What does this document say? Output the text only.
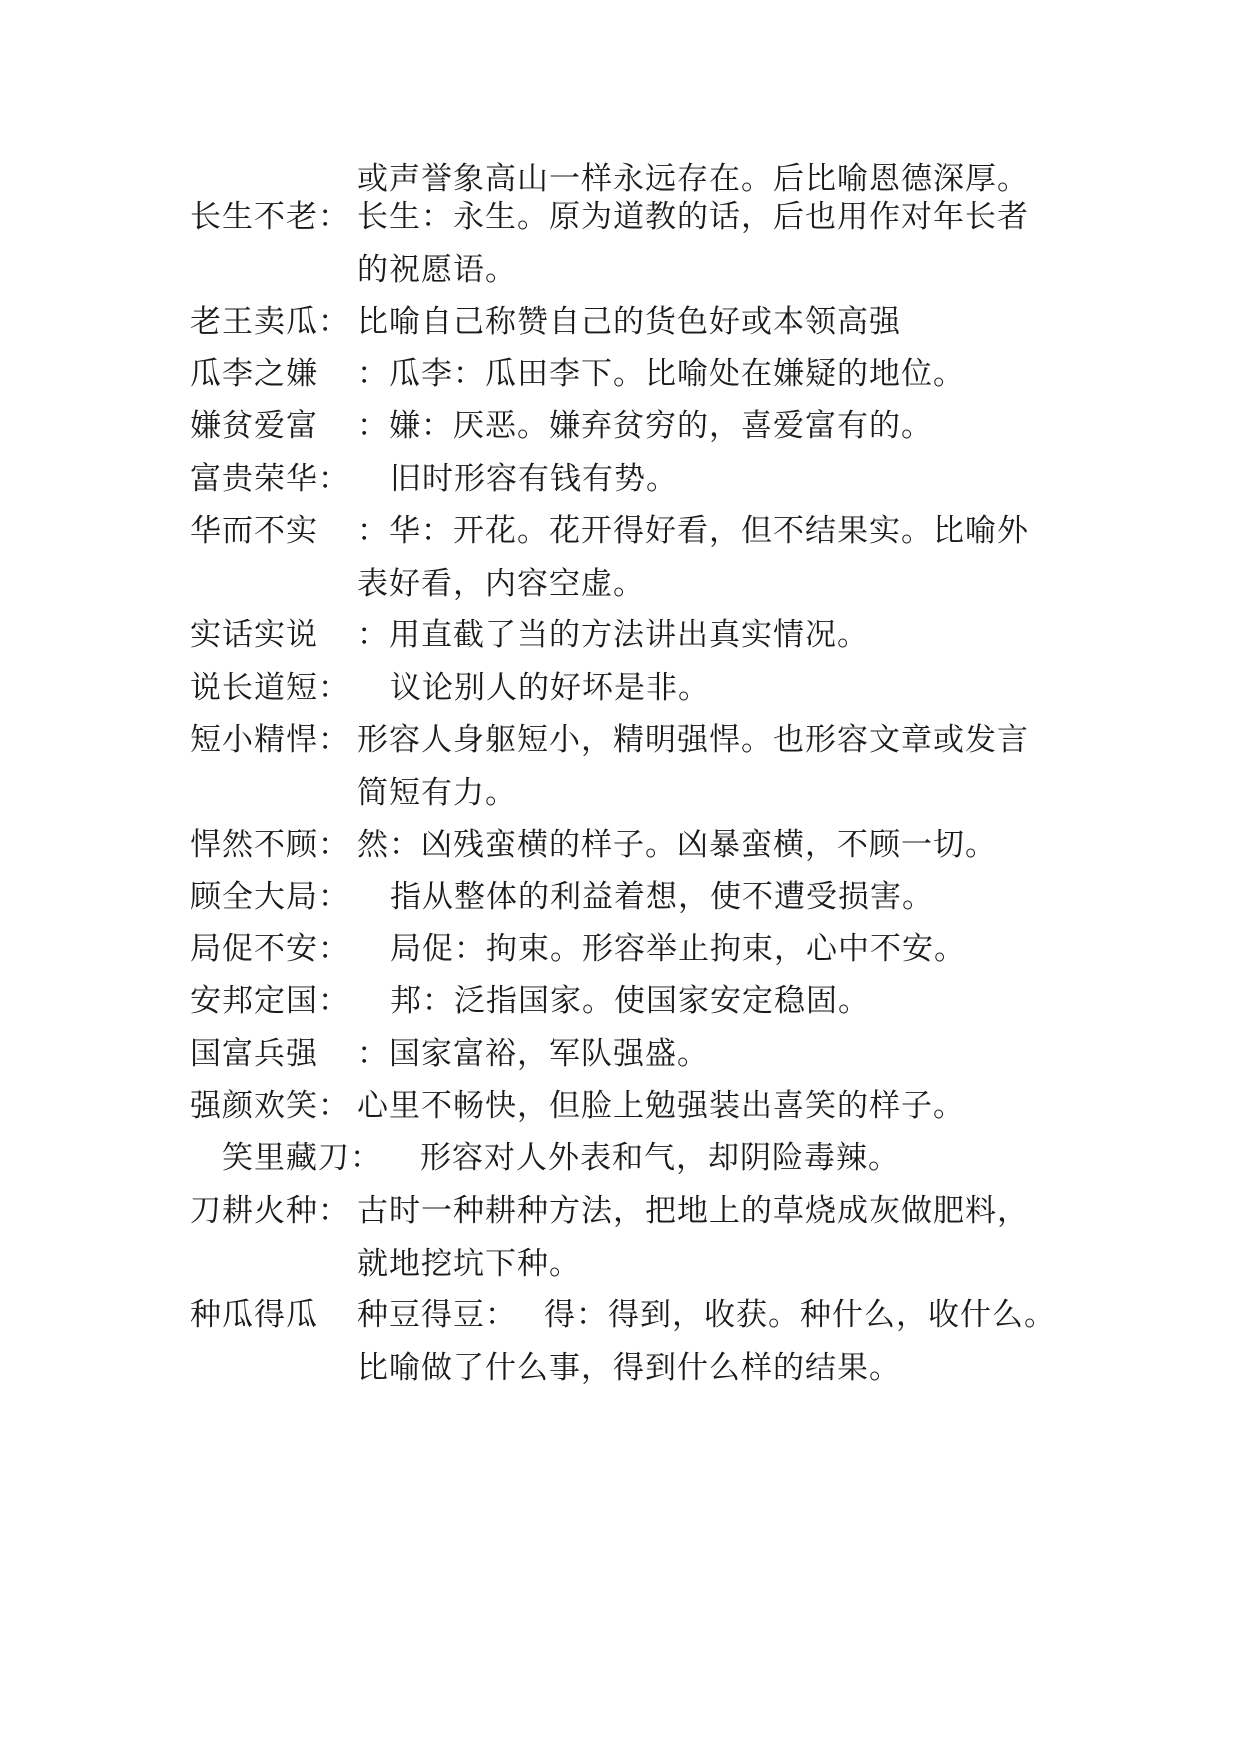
或声誉象高山一样永远存在。后比喻恩德深厚。
长生不老： 长生：永生。原为道教的话，后也用作对年长者
的祝愿语。
老王卖瓜： 比喻自己称赞自己的货色好或本领高强
瓜李之嫌 ：瓜李：瓜田李下。比喻处在嫌疑的地位。
嫌贫爱富 ：嫌：厌恶。嫌弃贫穷的，喜爱富有的。
富贵荣华： 旧时形容有钱有势。
华而不实 ：华：开花。花开得好看，但不结果实。比喻外
表好看，内容空虚。
实话实说 ：用直截了当的方法讲出真实情况。
说长道短： 议论别人的好坏是非。
短小精悍： 形容人身躯短小，精明强悍。也形容文章或发言
简短有力。
悍然不顾： 然：凶残蛮横的样子。凶暴蛮横，不顾一切。
顾全大局： 指从整体的利益着想，使不遭受损害。
局促不安： 局促：拘束。形容举止拘束，心中不安。
安邦定国： 邦：泛指国家。使国家安定稳固。
国富兵强 ：国家富裕，军队强盛。
强颜欢笑： 心里不畅快，但脸上勉强装出喜笑的样子。
笑里藏刀： 形容对人外表和气，却阴险毒辣。
刀耕火种： 古时一种耕种方法，把地上的草烧成灰做肥料，
就地挖坑下种。
种瓜得瓜 种豆得豆： 得：得到，收获。种什么，收什么。
比喻做了什么事，得到什么样的结果。
